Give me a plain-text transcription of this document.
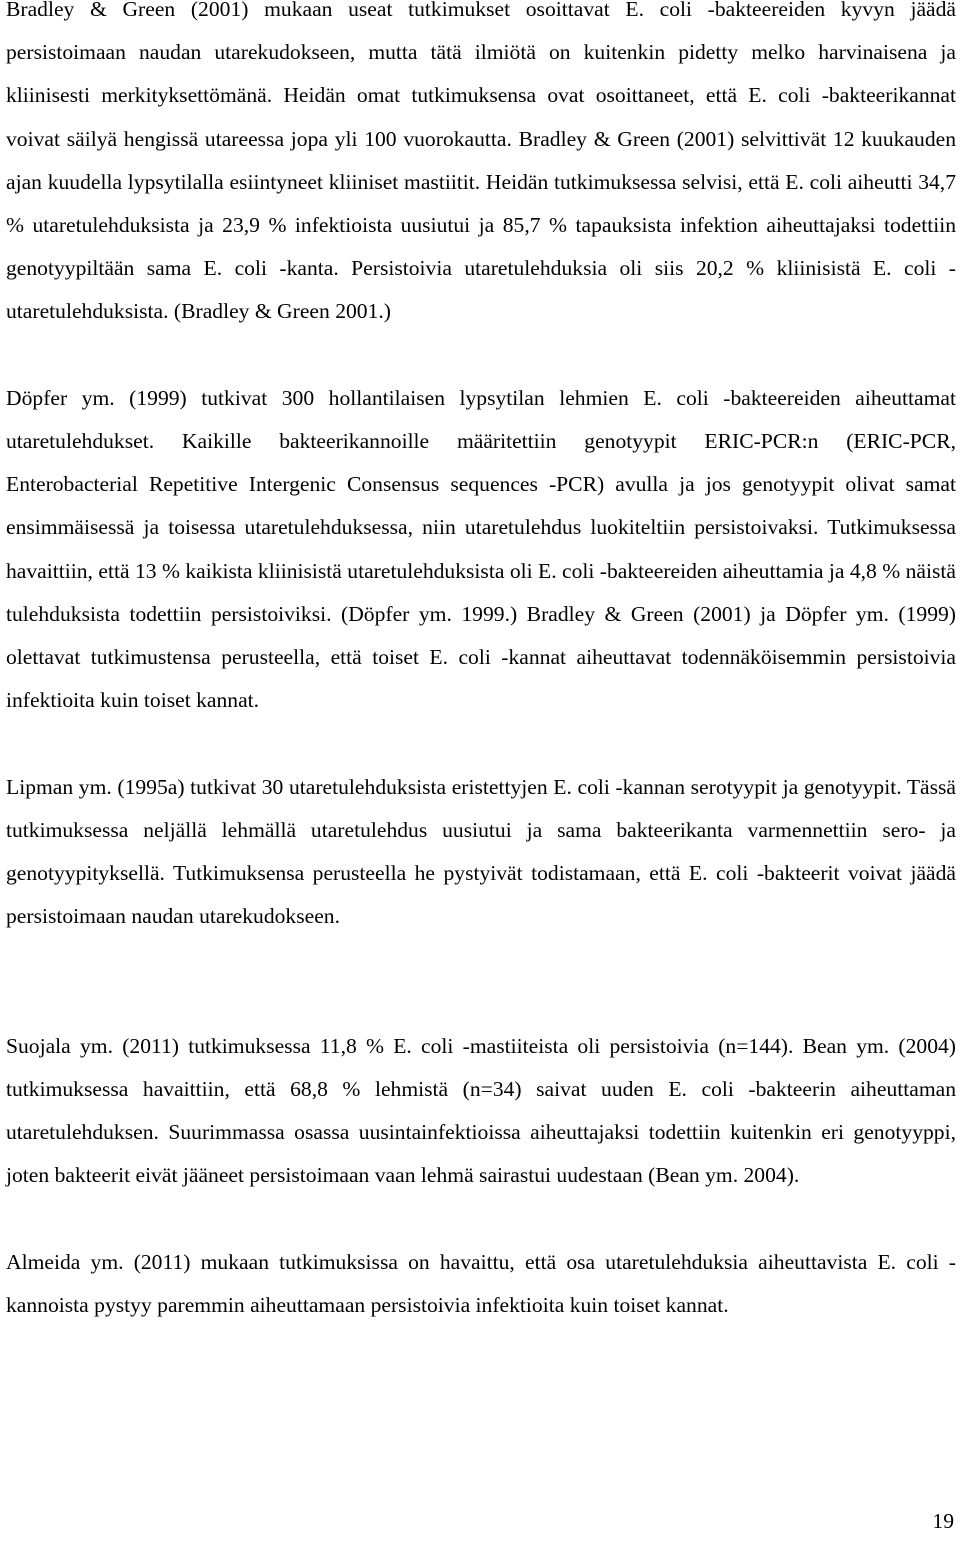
Bradley & Green (2001) mukaan useat tutkimukset osoittavat E. coli -bakteereiden kyvyn jäädä persistoimaan naudan utarekudokseen, mutta tätä ilmiötä on kuitenkin pidetty melko harvinaisena ja kliinisesti merkityksettömänä. Heidän omat tutkimuksensa ovat osoittaneet, että E. coli -bakteerikannat voivat säilyä hengissä utareessa jopa yli 100 vuorokautta. Bradley & Green (2001) selvittivät 12 kuukauden ajan kuudella lypsytilalla esiintyneet kliiniset mastiitit. Heidän tutkimuksessa selvisi, että E. coli aiheutti 34,7 % utaretulehduksista ja 23,9 % infektioista uusiutui ja 85,7 % tapauksista infektion aiheuttajaksi todettiin genotyypiltään sama E. coli -kanta. Persistoivia utaretulehduksia oli siis 20,2 % kliinisistä E. coli -utaretulehduksista. (Bradley & Green 2001.)

Döpfer ym. (1999) tutkivat 300 hollantilaisen lypsytilan lehmien E. coli -bakteereiden aiheuttamat utaretulehdukset. Kaikille bakteerikannoille määritettiin genotyypit ERIC-PCR:n (ERIC-PCR, Enterobacterial Repetitive Intergenic Consensus sequences -PCR) avulla ja jos genotyypit olivat samat ensimmäisessä ja toisessa utaretulehduksessa, niin utaretulehdus luokiteltiin persistoivaksi. Tutkimuksessa havaittiin, että 13 % kaikista kliinisistä utaretulehduksista oli E. coli -bakteereiden aiheuttamia ja 4,8 % näistä tulehduksista todettiin persistoiviksi. (Döpfer ym. 1999.) Bradley & Green (2001) ja Döpfer ym. (1999) olettavat tutkimustensa perusteella, että toiset E. coli -kannat aiheuttavat todennäköisemmin persistoivia infektioita kuin toiset kannat.

Lipman ym. (1995a) tutkivat 30 utaretulehduksista eristettyjen E. coli -kannan serotyypit ja genotyypit. Tässä tutkimuksessa neljällä lehmällä utaretulehdus uusiutui ja sama bakteerikanta varmennettiin sero- ja genotyypityksellä. Tutkimuksensa perusteella he pystyivät todistamaan, että E. coli -bakteerit voivat jäädä persistoimaan naudan utarekudokseen.

Suojala ym. (2011) tutkimuksessa 11,8 % E. coli -mastiiteista oli persistoivia (n=144). Bean ym. (2004) tutkimuksessa havaittiin, että 68,8 % lehmistä (n=34) saivat uuden E. coli -bakteerin aiheuttaman utaretulehduksen. Suurimmassa osassa uusintainfektioissa aiheuttajaksi todettiin kuitenkin eri genotyyppi, joten bakteerit eivät jääneet persistoimaan vaan lehmä sairastui uudestaan (Bean ym. 2004).

Almeida ym. (2011) mukaan tutkimuksissa on havaittu, että osa utaretulehduksia aiheuttavista E. coli -kannoista pystyy paremmin aiheuttamaan persistoivia infektioita kuin toiset kannat.

19
